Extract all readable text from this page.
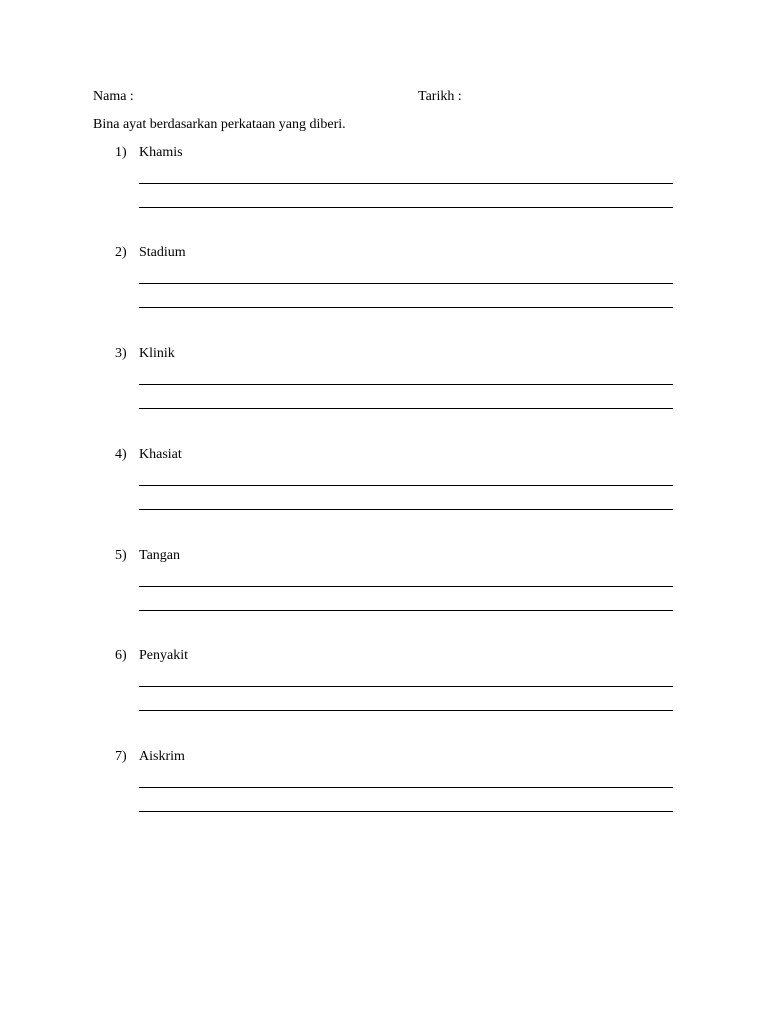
Nama :	Tarikh :
Bina ayat berdasarkan perkataan yang diberi.
1) Khamis
2) Stadium
3) Klinik
4) Khasiat
5) Tangan
6) Penyakit
7) Aiskrim
